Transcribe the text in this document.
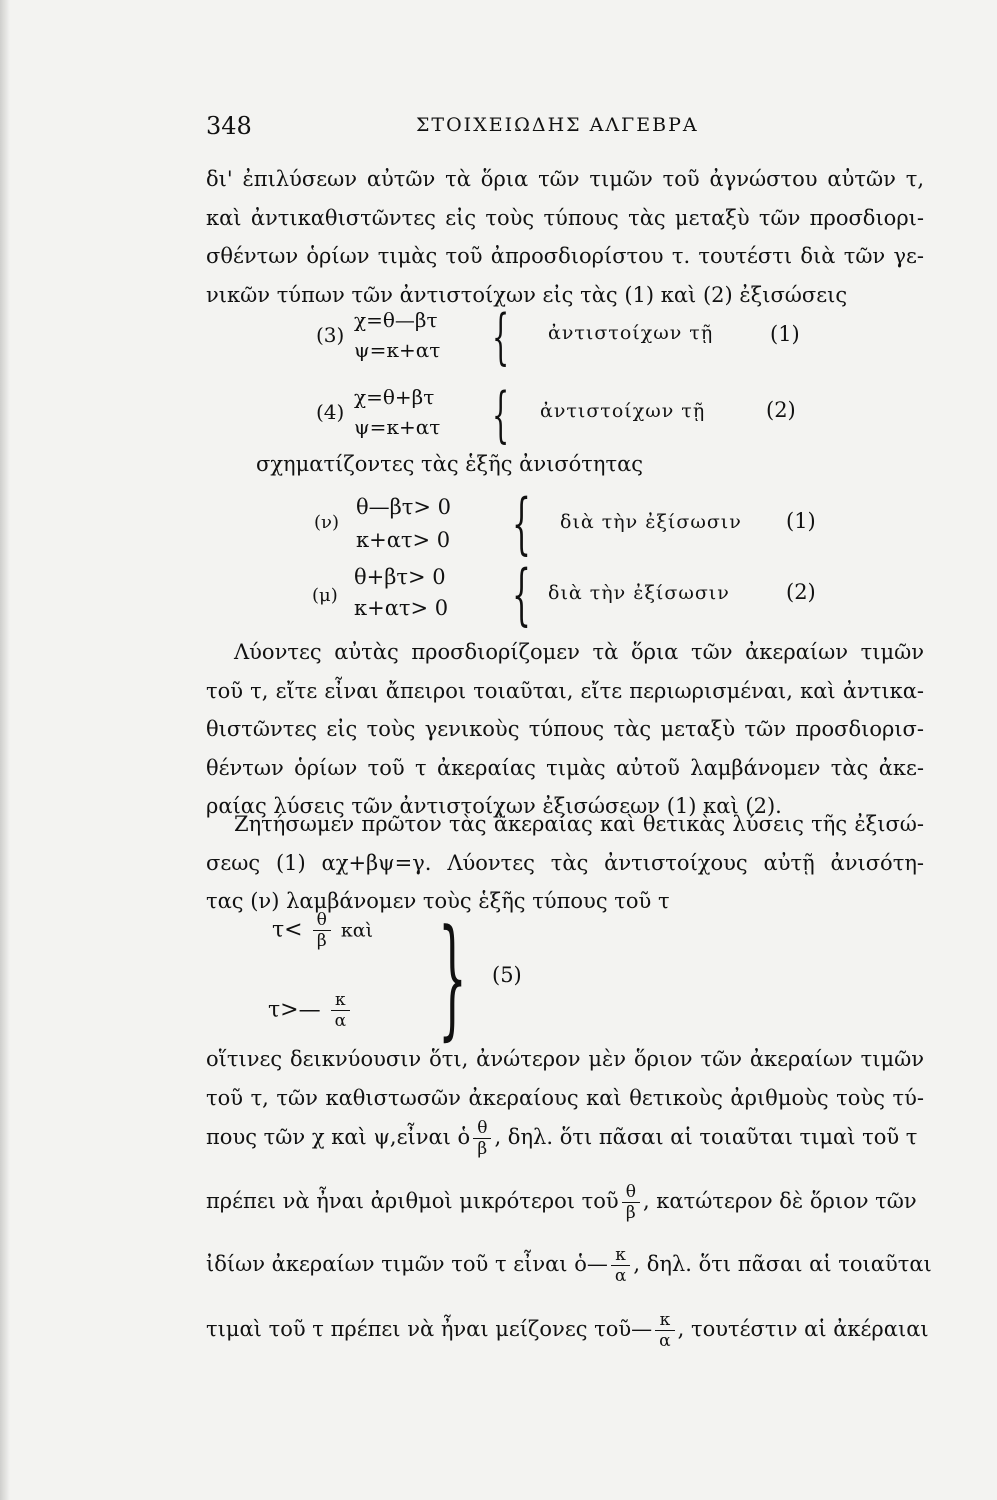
348	ΣΤΟΙΧΕΙΩΔΗΣ ΑΛΓΕΒΡΑ
δι' ἐπιλύσεων αὐτῶν τὰ ὅρια τῶν τιμῶν τοῦ ἀγνώστου αὐτῶν τ,
καὶ ἀντικαθιστῶντες εἰς τοὺς τύπους τὰς μεταξὺ τῶν προσδιορι-
σθέντων ὁρίων τιμὰς τοῦ ἀπροσδιορίστου τ. τουτέστι διὰ τῶν γε-
νικῶν τύπων τῶν ἀντιστοίχων εἰς τὰς (1) καὶ (2) ἐξισώσεις
(3)
χ=θ—βτ
ψ=κ+ατ { ἀντιστοίχων τῇ	(1)
(4)
χ=θ+βτ
ψ=κ+ατ { ἀντιστοίχων τῇ	(2)
σχηματίζοντες τὰς ἑξῆς ἀνισότητας
(ν)
θ—βτ> 0
κ+ατ> 0 { διὰ τὴν ἐξίσωσιν (1)
(μ)
θ+βτ> 0
κ+ατ> 0 { διὰ τὴν ἐξίσωσιν	(2)
Λύοντες αὐτὰς προσδιορίζομεν τὰ ὅρια τῶν ἀκεραίων τιμῶν
τοῦ τ, εἴτε εἶναι ἄπειροι τοιαῦται, εἴτε περιωρισμέναι, καὶ ἀντικα-
θιστῶντες εἰς τοὺς γενικοὺς τύπους τὰς μεταξὺ τῶν προσδιορισ-
θέντων ὁρίων τοῦ τ ἀκεραίας τιμὰς αὐτοῦ λαμβάνομεν τὰς ἀκε-
ραίας λύσεις τῶν ἀντιστοίχων ἐξισώσεων (1) καὶ (2).
Ζητήσωμεν πρῶτον τὰς ἀκεραίας καὶ θετικὰς λύσεις τῆς ἐξισώ-
σεως (1) αχ+βψ=γ. Λύοντες τὰς ἀντιστοίχους αὐτῇ ἀνισότη-
τας (ν) λαμβάνομεν τοὺς ἑξῆς τύπους τοῦ τ
$\tau< \frac{\theta}{\beta}$ καὶ
τ>— $\frac{\kappa}{\alpha}$ } (5)
οἵτινες δεικνύουσιν ὅτι, ἀνώτερον μὲν ὅριον τῶν ἀκεραίων τιμῶν
τοῦ τ, τῶν καθιστωσῶν ἀκεραίους καὶ θετικοὺς ἀριθμοὺς τοὺς τύ-
πους τῶν χ καὶ ψ,εἶναι ὁ $\frac{\theta}{\beta}$ , δηλ. ὅτι πᾶσαι αἱ τοιαῦται τιμαὶ τοῦ τ
πρέπει νὰ ἦναι ἀριθμοὶ μικρότεροι τοῦ $\frac{\theta}{\beta}$ , κατώτερον δὲ ὅριον τῶν
ἰδίων ἀκεραίων τιμῶν τοῦ τ εἶναι ὁ— $\frac{\kappa}{\alpha}$ , δηλ. ὅτι πᾶσαι αἱ τοιαῦται
τιμαὶ τοῦ τ πρέπει νὰ ἦναι μείζονες τοῦ— $\frac{\kappa}{\alpha}$ , τουτέστιν αἱ ἀκέραιαι
